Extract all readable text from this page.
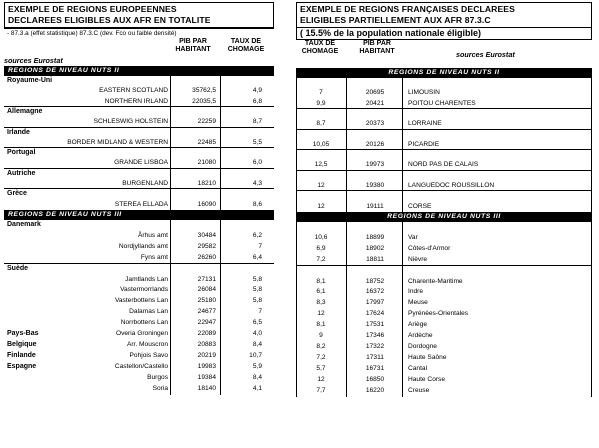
EXEMPLE DE REGIONS EUROPEENNES
DECLAREES ELIGIBLES AUX AFR EN TOTALITE
- 87.3.a (effet statistique) 87.3.C (dev. Fco ou faible densité)
PIB PAR HABITANT
TAUX DE CHOMAGE
sources Eurostat
REGIONS DE NIVEAU NUTS II
Royaume-Uni
EASTERN SCOTLAND	35762,5	4,9
NORTHERN IRLAND	22035,5	6,8
Allemagne
SCHLESWIG HOLSTEIN	22259	8,7
Irlande
BORDER MIDLAND & WESTERN	22485	5,5
Portugal
GRANDE LISBOA	21080	6,0
Autriche
BURGENLAND	18210	4,3
Grèce
STEREA ELLADA	16090	8,6
REGIONS DE NIVEAU NUTS III
Danemark
Århus amt	30484	6,2
Nordjyllands amt	29582	7
Fyns amt	26260	6,4
Suède
Jamtlands Lan	27131	5,8
Vastermorrlands	26084	5,8
Vasterbottens Lan	25180	5,8
Dalamas Lan	24677	7
Norrbottens Lan	22947	6,5
Pays-Bas	Overia Groningen	22089	4,0
Belgique	Arr. Mouscron	20883	8,4
Finlande	Pohjois Savo	20219	10,7
Espagne	Castellon/Castello	19983	5,9
Burgos	19384	8,4
Soria	18140	4,1
EXEMPLE DE REGIONS FRANÇAISES DECLAREES
ELIGIBLES PARTIELLEMENT AUX AFR 87.3.C
( 15.5% de la population nationale éligible)
TAUX DE CHOMAGE
PIB PAR HABITANT	sources Eurostat
REGIONS DE NIVEAU NUTS II
7	20695	LIMOUSIN
9,9	20421	POITOU CHARENTES
8,7	20373	LORRAINE
10,05	20126	PICARDIE
12,5	19973	NORD PAS DE CALAIS
12	19380	LANGUEDOC ROUSSILLON
12	19111	CORSE
REGIONS DE NIVEAU NUTS III
10,6	18899	Var
6,9	18902	Côtes-d'Armor
7,2	18811	Nièvre
8,1	18752	Charente-Maritime
6,1	16372	Indre
8,3	17997	Meuse
12	17624	Pyrénées-Orientales
8,1	17531	Ariège
9	17346	Ardèche
8,2	17322	Dordogne
7,2	17311	Haute Saône
5,7	16731	Cantal
12	16850	Haute Corse
7,7	16220	Creuse
